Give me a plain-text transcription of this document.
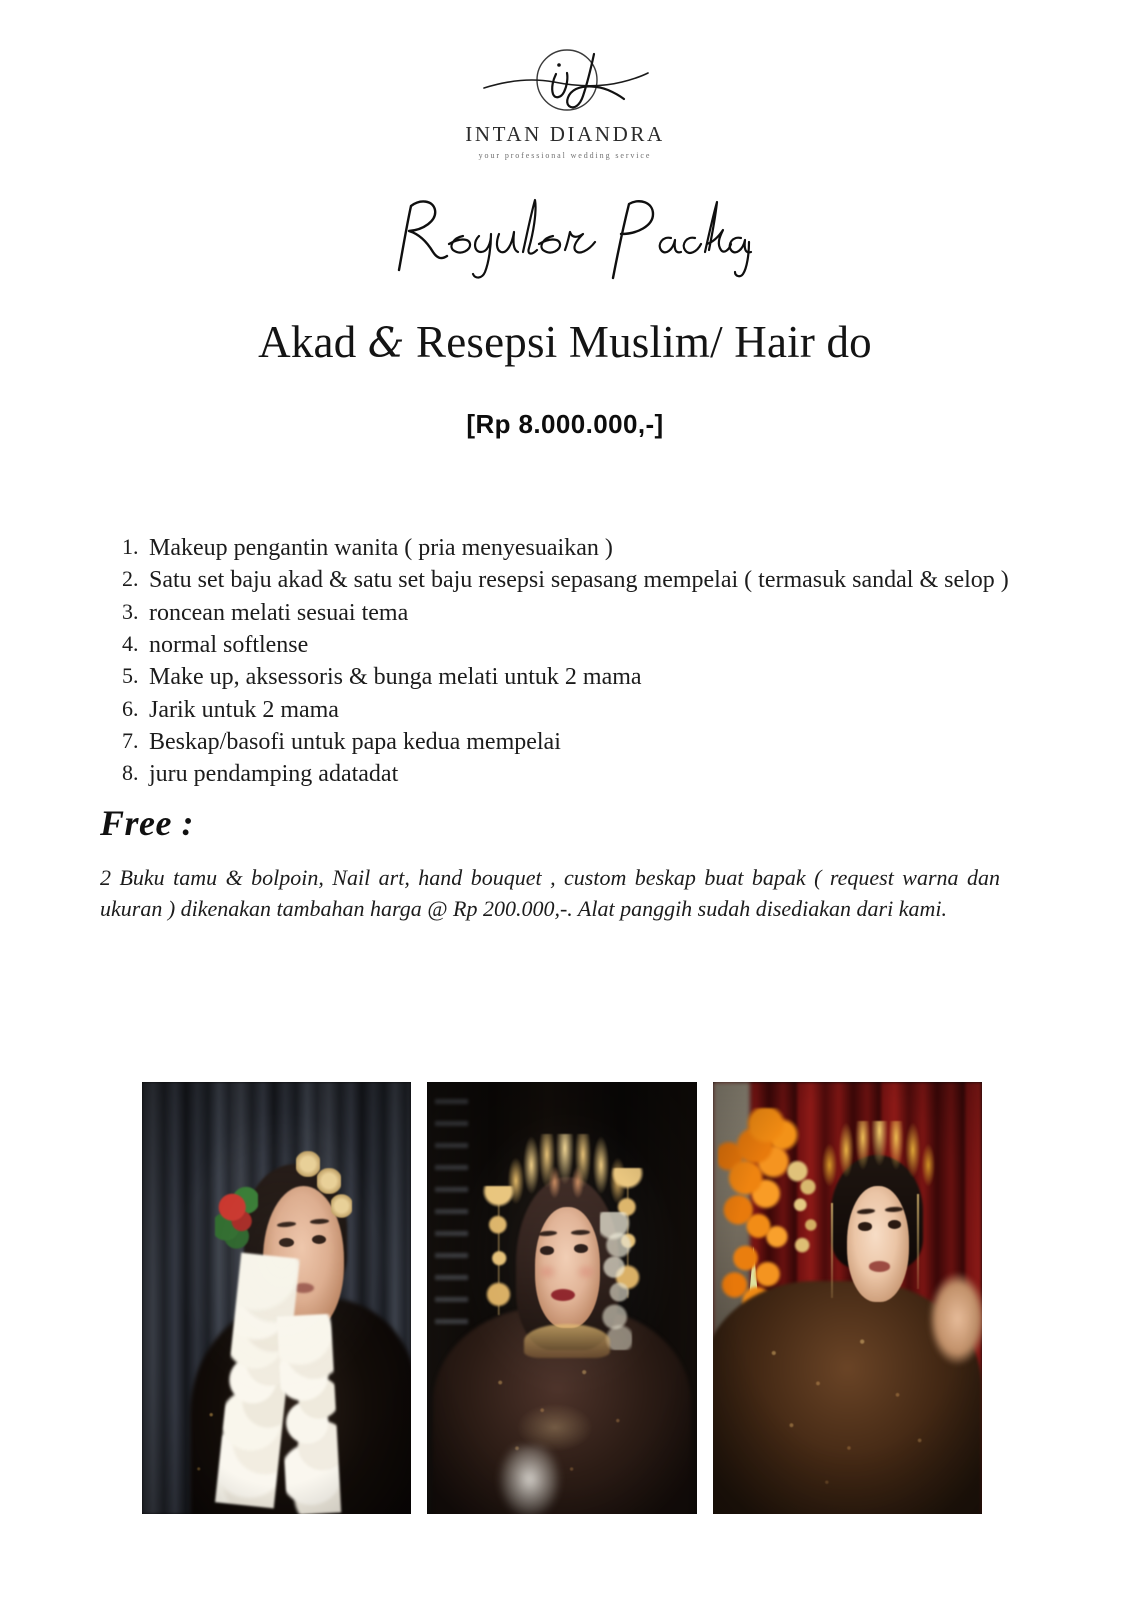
INTAN DIANDRA
your professional wedding service
Akad & Resepsi Muslim/ Hair do
[Rp 8.000.000,-]
1. Makeup pengantin wanita ( pria menyesuaikan )
2. Satu set baju akad & satu set baju resepsi sepasang mempelai ( termasuk sandal & selop )
3. roncean melati sesuai tema
4. normal softlense
5. Make up, aksessoris & bunga melati untuk 2 mama
6. Jarik untuk 2 mama
7. Beskap/basofi untuk papa kedua mempelai
8. juru pendamping adatadat
Free :

2 Buku tamu & bolpoin, Nail art, hand bouquet , custom beskap buat bapak ( request warna dan ukuran ) dikenakan tambahan harga @ Rp 200.000,-. Alat panggih sudah disediakan dari kami.
